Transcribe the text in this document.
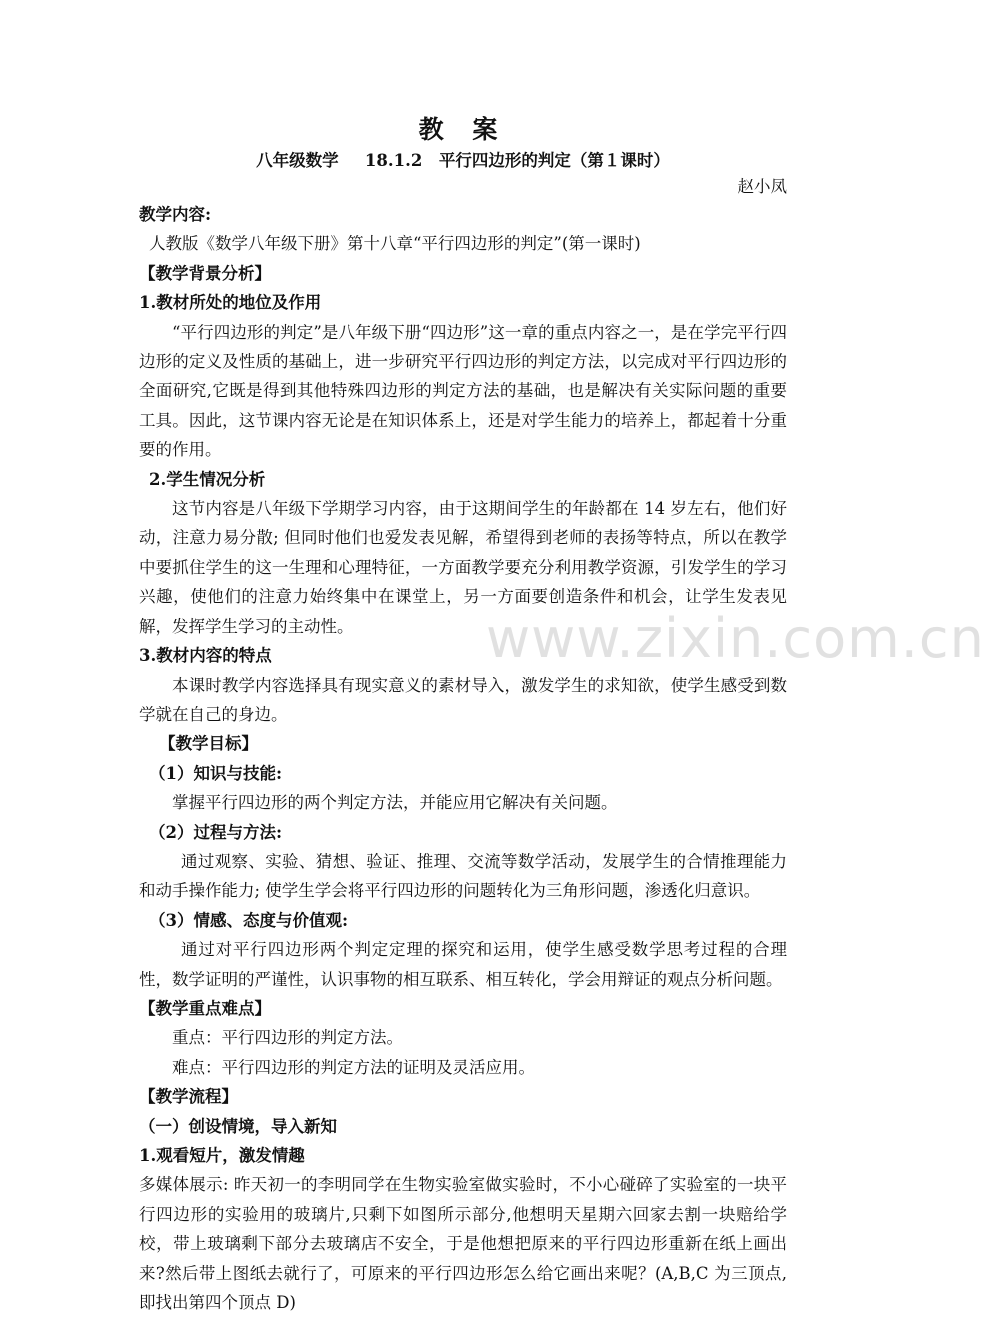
教 案

八年级数学　 18.1.2　平行四边形的判定（第１课时）

赵小凤

教学内容:

人教版《数学八年级下册》第十八章“平行四边形的判定”(第一课时)

【教学背景分析】

1.教材所处的地位及作用

“平行四边形的判定”是八年级下册“四边形”这一章的重点内容之一，是在学完平行四边形的定义及性质的基础上，进一步研究平行四边形的判定方法，以完成对平行四边形的全面研究,它既是得到其他特殊四边形的判定方法的基础，也是解决有关实际问题的重要工具。因此，这节课内容无论是在知识体系上，还是对学生能力的培养上，都起着十分重要的作用。

2.学生情况分析

这节内容是八年级下学期学习内容，由于这期间学生的年龄都在 14 岁左右，他们好动，注意力易分散; 但同时他们也爱发表见解，希望得到老师的表扬等特点，所以在教学中要抓住学生的这一生理和心理特征，一方面教学要充分利用教学资源，引发学生的学习兴趣，使他们的注意力始终集中在课堂上，另一方面要创造条件和机会，让学生发表见解，发挥学生学习的主动性。

3.教材内容的特点

本课时教学内容选择具有现实意义的素材导入，激发学生的求知欲，使学生感受到数学就在自己的身边。

【教学目标】

（1）知识与技能:

掌握平行四边形的两个判定方法，并能应用它解决有关问题。

（2）过程与方法:

通过观察、实验、猜想、验证、推理、交流等数学活动，发展学生的合情推理能力和动手操作能力; 使学生学会将平行四边形的问题转化为三角形问题，渗透化归意识。

（3）情感、态度与价值观:

通过对平行四边形两个判定定理的探究和运用，使学生感受数学思考过程的合理性，数学证明的严谨性，认识事物的相互联系、相互转化，学会用辩证的观点分析问题。

【教学重点难点】

重点：平行四边形的判定方法。

难点：平行四边形的判定方法的证明及灵活应用。

【教学流程】

（一）创设情境，导入新知

1.观看短片，激发情趣

多媒体展示: 昨天初一的李明同学在生物实验室做实验时，不小心碰碎了实验室的一块平行四边形的实验用的玻璃片,只剩下如图所示部分,他想明天星期六回家去割一块赔给学校，带上玻璃剩下部分去玻璃店不安全，于是他想把原来的平行四边形重新在纸上画出来?然后带上图纸去就行了，可原来的平行四边形怎么给它画出来呢？(A,B,C 为三顶点,即找出第四个顶点 D)

www.zixin.com.cn
